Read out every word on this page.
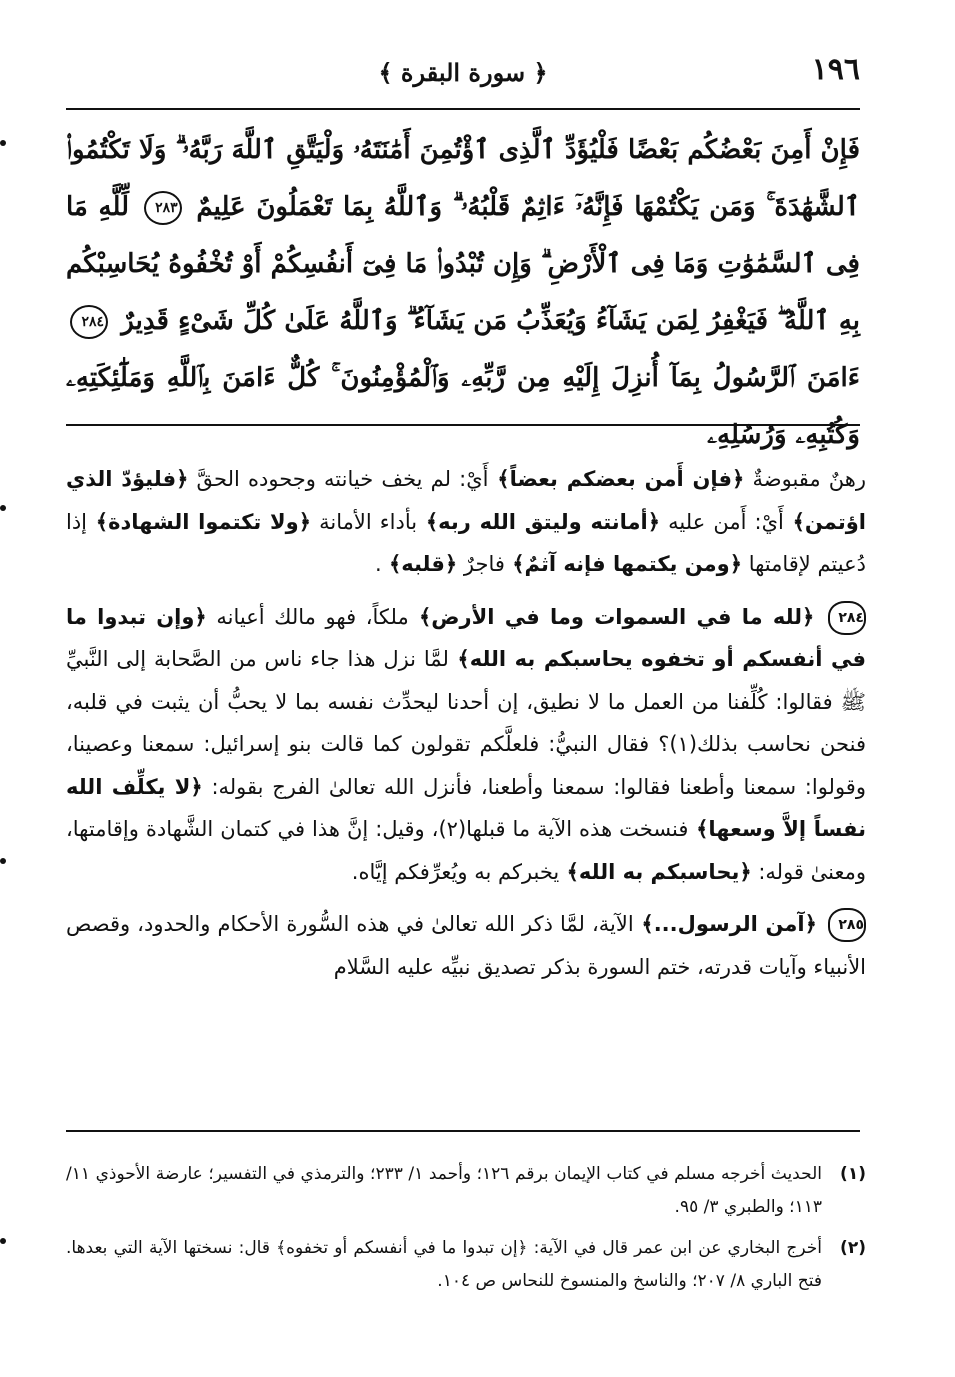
١٩٦
﴿ سورة البقرة ﴾
فَإِنْ أَمِنَ بَعْضُكُم بَعْضًا فَلْيُؤَدِّ ٱلَّذِى ٱؤْتُمِنَ أَمَٰنَتَهُۥ وَلْيَتَّقِ ٱللَّهَ رَبَّهُۥ ۗ وَلَا تَكْتُمُوا۟ ٱلشَّهَٰدَةَ ۚ وَمَن يَكْتُمْهَا فَإِنَّهُۥٓ ءَاثِمٌ قَلْبُهُۥ ۗ وَٱللَّهُ بِمَا تَعْمَلُونَ عَلِيمٌ ٢٨٣ لِّلَّهِ مَا فِى ٱلسَّمَٰوَٰتِ وَمَا فِى ٱلْأَرْضِ ۗ وَإِن تُبْدُوا۟ مَا فِىٓ أَنفُسِكُمْ أَوْ تُخْفُوهُ يُحَاسِبْكُم بِهِ ٱللَّهُ ۖ فَيَغْفِرُ لِمَن يَشَآءُ وَيُعَذِّبُ مَن يَشَآءُ ۗ وَٱللَّهُ عَلَىٰ كُلِّ شَىْءٍ قَدِيرٌ ٢٨٤ ءَامَنَ ٱلرَّسُولُ بِمَآ أُنزِلَ إِلَيْهِ مِن رَّبِّهِۦ وَٱلْمُؤْمِنُونَ ۚ كُلٌّ ءَامَنَ بِٱللَّهِ وَمَلَٰٓئِكَتِهِۦ وَكُتُبِهِۦ وَرُسُلِهِۦ

رهنٌ مقبوضةٌ﴿فإن أَمن بعضكم بعضاً﴾أَيْ: لم يخف خيانته وجحوده الحقَّ﴿فليؤدّ الذي اؤتمن﴾أَيْ: أَمن عليه﴿أمانته وليتق الله ربه﴾بأداء الأمانة﴿ولا تكتموا الشهادة﴾إذا دُعيتم لإقامتها﴿ومن يكتمها فإنه آثمٌ﴾فاجرٌ﴿قلبه﴾.

٢٨٤ ﴿لله ما في السموات وما في الأرض﴾ملكاً، فهو مالك أعيانه﴿وإن تبدوا ما في أنفسكم أو تخفوه يحاسبكم به الله﴾لمَّا نزل هذا جاء ناس من الصَّحابة إلى النَّبيِّ ﷺ فقالوا: كُلِّفنا من العمل ما لا نطيق، إن أحدنا ليحدِّث نفسه بما لا يحبُّ أن يثبت في قلبه، فنحن نحاسب بذلك(١)؟ فقال النبيُّ: فلعلَّكم تقولون كما قالت بنو إسرائيل: سمعنا وعصينا، وقولوا: سمعنا وأطعنا فقالوا: سمعنا وأطعنا، فأنزل الله تعالىٰ الفرج بقوله:﴿لا يكلِّف الله نفساً إلاَّ وسعها﴾فنسخت هذه الآية ما قبلها(٢)، وقيل: إنَّ هذا في كتمان الشَّهادة وإقامتها، ومعنىٰ قوله:﴿يحاسبكم به الله﴾يخبركم به ويُعرِّفكم إيَّاه.

٢٨٥ ﴿آمن الرسول...﴾الآية، لمَّا ذكر الله تعالىٰ في هذه السُّورة الأحكام والحدود، وقصص الأنبياء وآيات قدرته، ختم السورة بذكر تصديق نبيِّه عليه السَّلام

(١)
الحديث أخرجه مسلم في كتاب الإيمان برقم ١٢٦؛ وأحمد ١/ ٢٣٣؛ والترمذي في التفسير؛ عارضة الأحوذي ١١/ ١١٣؛ والطبري ٣/ ٩٥.
(٢)
أخرج البخاري عن ابن عمر قال في الآية: ﴿إن تبدوا ما في أنفسكم أو تخفوه﴾ قال: نسختها الآية التي بعدها. فتح الباري ٨/ ٢٠٧؛ والناسخ والمنسوخ للنحاس ص ١٠٤.
